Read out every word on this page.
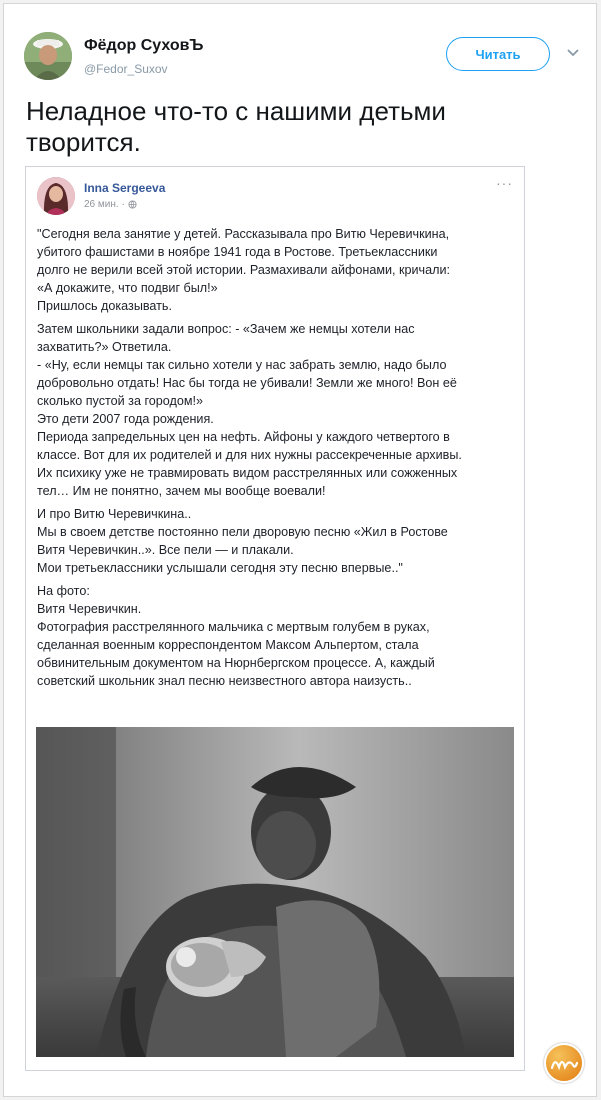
Фёдор СуховЪ
@Fedor_Suxov
Читать
Неладное что-то с нашими детьми творится.
Inna Sergeeva
26 мин. ·
···

"Сегодня вела занятие у детей. Рассказывала про Витю Черевичкина,
убитого фашистами в ноябре 1941 года в Ростове. Третьеклассники
долго не верили всей этой истории. Размахивали айфонами, кричали:
«А докажите, что подвиг был!»
Пришлось доказывать.

Затем школьники задали вопрос: - «Зачем же немцы хотели нас
захватить?» Ответила.
- «Ну, если немцы так сильно хотели у нас забрать землю, надо было
добровольно отдать! Нас бы тогда не убивали! Земли же много! Вон её
сколько пустой за городом!»
Это дети 2007 года рождения.
Периода запредельных цен на нефть. Айфоны у каждого четвертого в
классе. Вот для их родителей и для них нужны рассекреченные архивы.
Их психику уже не травмировать видом расстрелянных или сожженных
тел… Им не понятно, зачем мы вообще воевали!

И про Витю Черевичкина..
Мы в своем детстве постоянно пели дворовую песню «Жил в Ростове
Витя Черевичкин..». Все пели — и плакали.
Мои третьеклассники услышали сегодня эту песню впервые.."

На фото:
Витя Черевичкин.
Фотография расстрелянного мальчика с мертвым голубем в руках,
сделанная военным корреспондентом Максом Альпертом, стала
обвинительным документом на Нюрнбергском процессе. А, каждый
советский школьник знал песню неизвестного автора наизусть..
